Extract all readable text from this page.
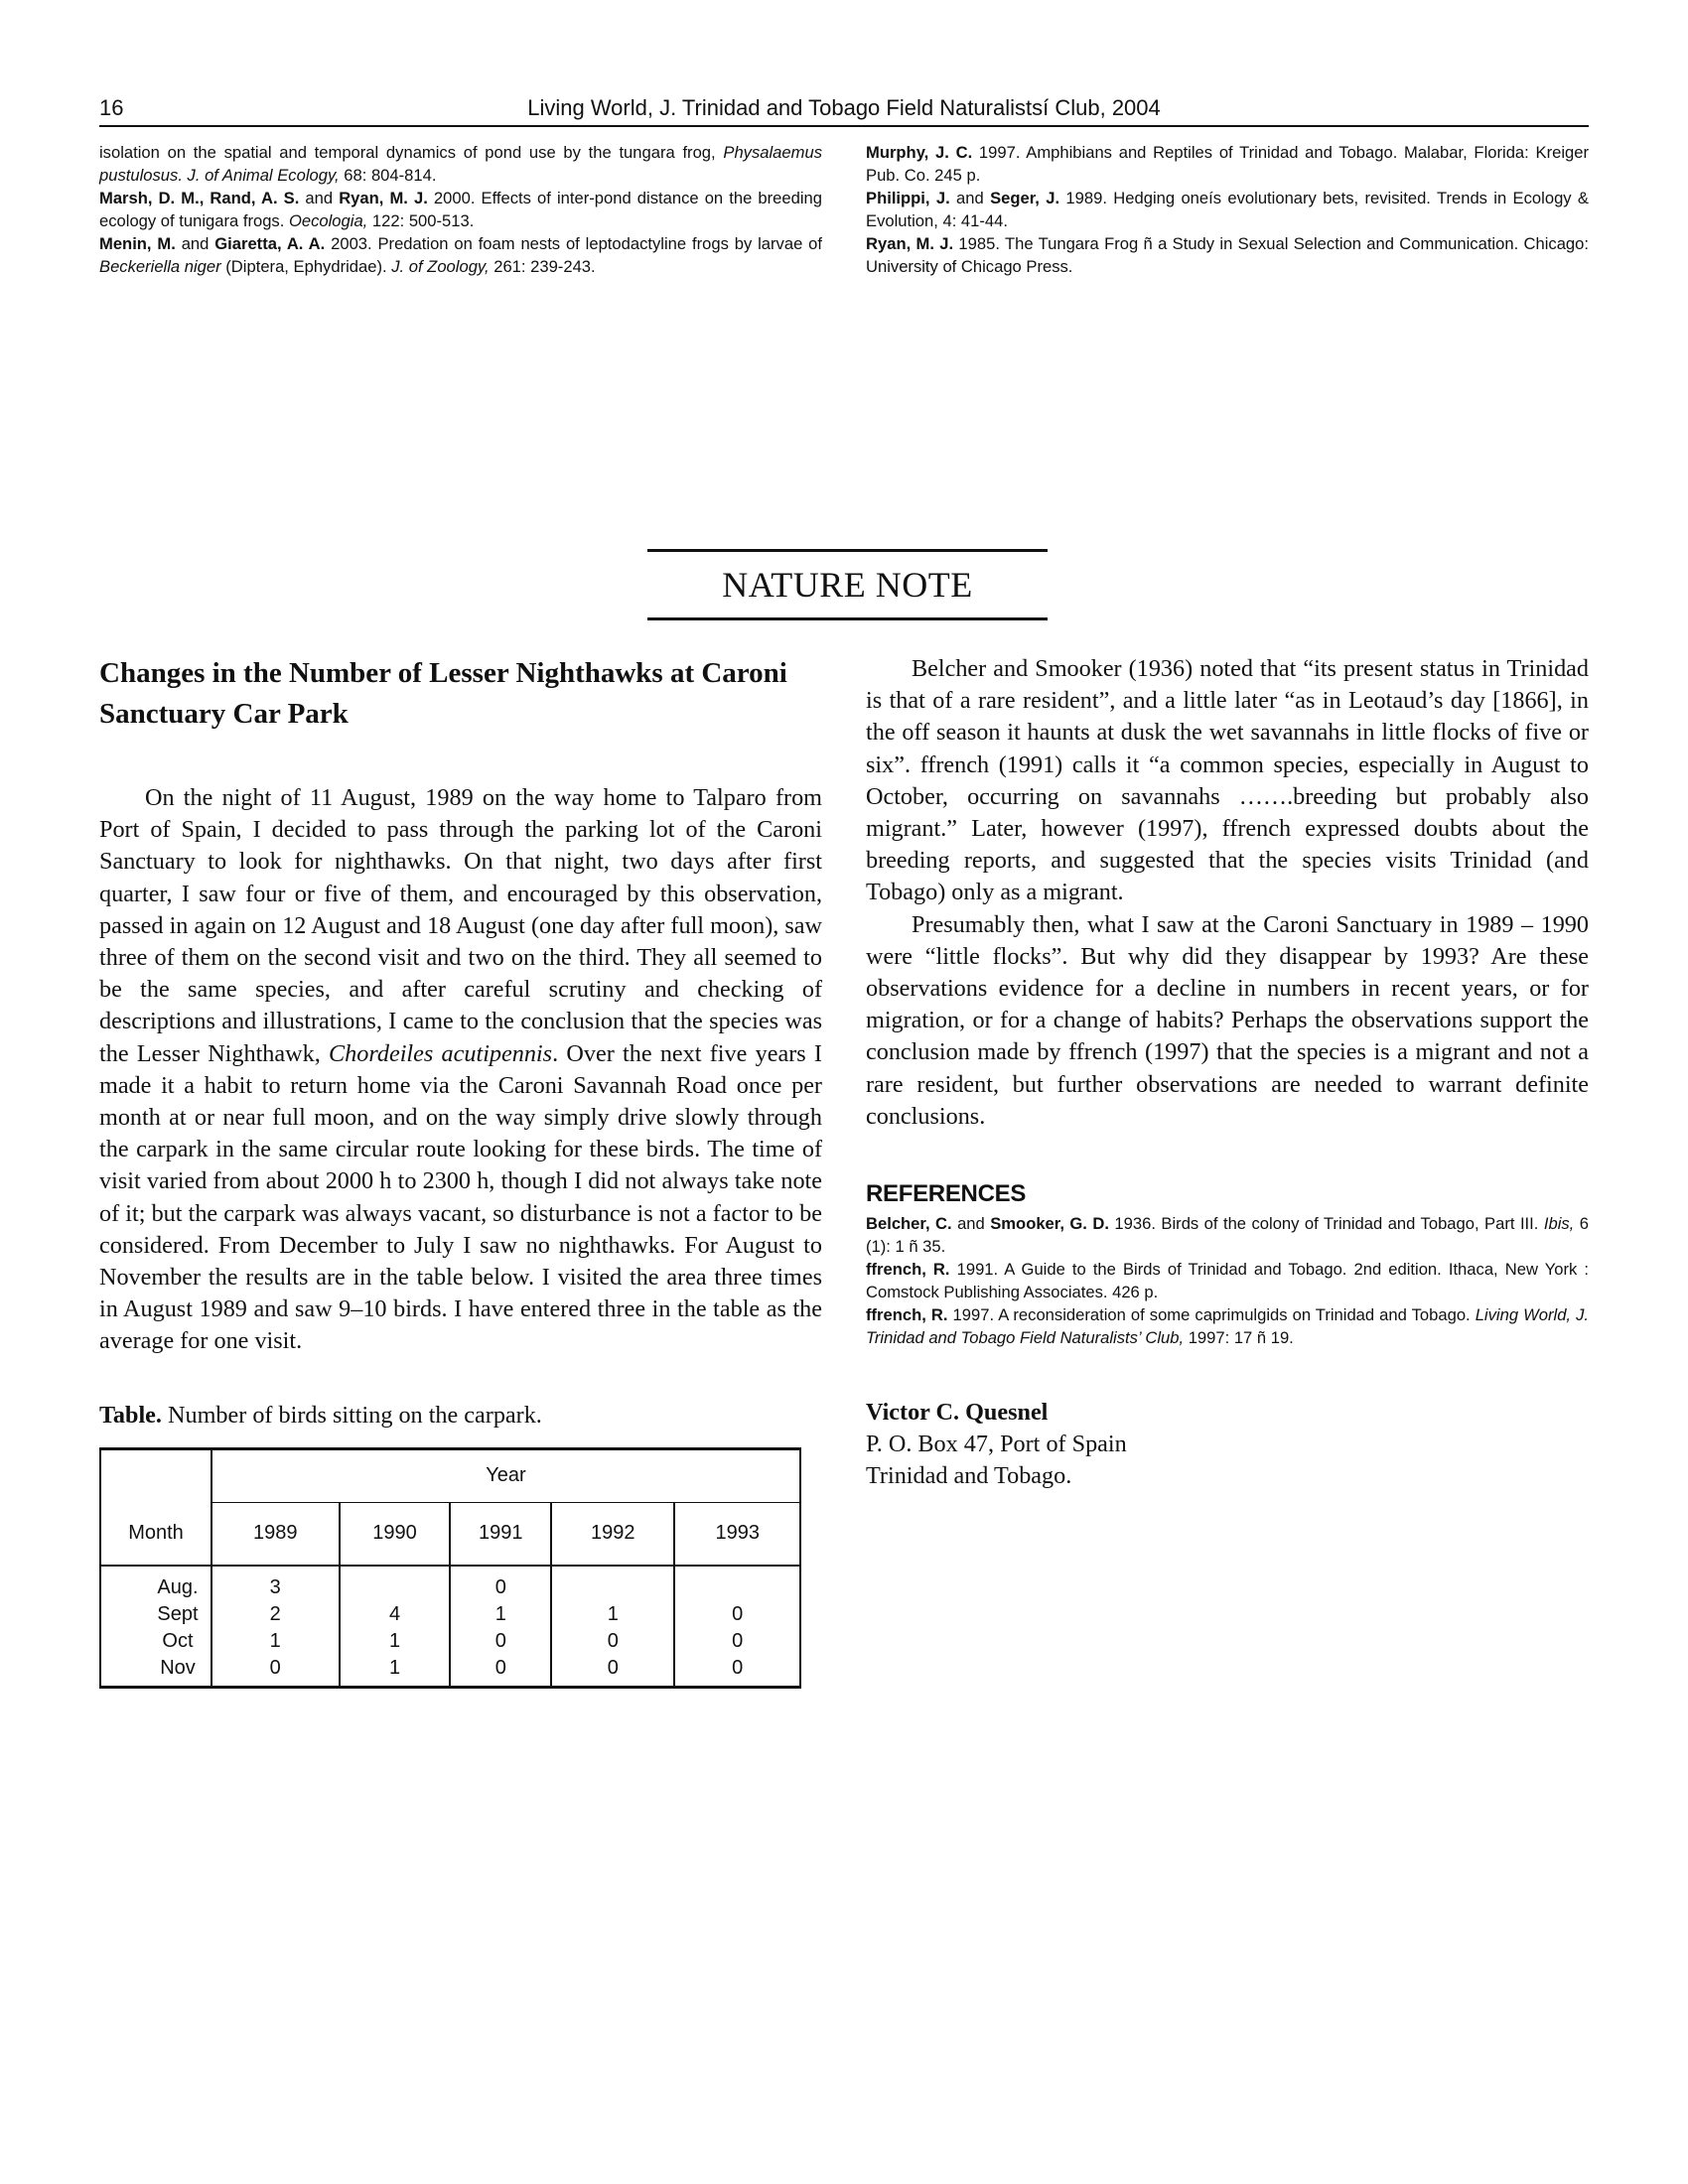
16	Living World, J. Trinidad and Tobago Field Naturalistsí Club, 2004

isolation on the spatial and temporal dynamics of pond use by the tungara frog, Physalaemus pustulosus. J. of Animal Ecology, 68: 804-814.

Marsh, D. M., Rand, A. S. and Ryan, M. J. 2000. Effects of inter-pond distance on the breeding ecology of tunigara frogs. Oecologia, 122: 500-513.

Menin, M. and Giaretta, A. A. 2003. Predation on foam nests of leptodactyline frogs by larvae of Beckeriella niger (Diptera, Ephydridae). J. of Zoology, 261: 239-243.

Murphy, J. C. 1997. Amphibians and Reptiles of Trinidad and Tobago. Malabar, Florida: Kreiger Pub. Co. 245 p.

Philippi, J. and Seger, J. 1989. Hedging oneís evolutionary bets, revisited. Trends in Ecology & Evolution, 4: 41-44.

Ryan, M. J. 1985. The Tungara Frog ñ a Study in Sexual Selection and Communication. Chicago: University of Chicago Press.

NATURE NOTE
Changes in the Number of Lesser Nighthawks at Caroni Sanctuary Car Park

On the night of 11 August, 1989 on the way home to Talparo from Port of Spain, I decided to pass through the parking lot of the Caroni Sanctuary to look for nighthawks. On that night, two days after first quarter, I saw four or five of them, and encouraged by this observation, passed in again on 12 August and 18 August (one day after full moon), saw three of them on the second visit and two on the third. They all seemed to be the same species, and after careful scrutiny and checking of descriptions and illustrations, I came to the conclusion that the species was the Lesser Nighthawk, Chordeiles acutipennis. Over the next five years I made it a habit to return home via the Caroni Savannah Road once per month at or near full moon, and on the way simply drive slowly through the carpark in the same circular route looking for these birds. The time of visit varied from about 2000 h to 2300 h, though I did not always take note of it; but the carpark was always vacant, so disturbance is not a factor to be considered. From December to July I saw no nighthawks. For August to November the results are in the table below. I visited the area three times in August 1989 and saw 9–10 birds. I have entered three in the table as the average for one visit.

Table. Number of birds sitting on the carpark.
Month	Year				
	1989	1990	1991	1992	1993
Aug.	3		0		
Sept	2	4	1	1	0
Oct	1	1	0	0	0
Nov	0	1	0	0	0

Belcher and Smooker (1936) noted that “its present status in Trinidad is that of a rare resident”, and a little later “as in Leotaud’s day [1866], in the off season it haunts at dusk the wet savannahs in little flocks of five or six”. ffrench (1991) calls it “a common species, especially in August to October, occurring on savannahs …….breeding but probably also migrant.” Later, however (1997), ffrench expressed doubts about the breeding reports, and suggested that the species visits Trinidad (and Tobago) only as a migrant.

Presumably then, what I saw at the Caroni Sanctuary in 1989 – 1990 were “little flocks”. But why did they disappear by 1993? Are these observations evidence for a decline in numbers in recent years, or for migration, or for a change of habits? Perhaps the observations support the conclusion made by ffrench (1997) that the species is a migrant and not a rare resident, but further observations are needed to warrant definite conclusions.

REFERENCES

Belcher, C. and Smooker, G. D. 1936. Birds of the colony of Trinidad and Tobago, Part III. Ibis, 6 (1): 1 ñ 35.

ffrench, R. 1991. A Guide to the Birds of Trinidad and Tobago. 2nd edition. Ithaca, New York : Comstock Publishing Associates. 426 p.

ffrench, R. 1997. A reconsideration of some caprimulgids on Trinidad and Tobago. Living World, J. Trinidad and Tobago Field Naturalists’ Club, 1997: 17 ñ 19.

Victor C. Quesnel
P. O. Box 47, Port of Spain
Trinidad and Tobago.
